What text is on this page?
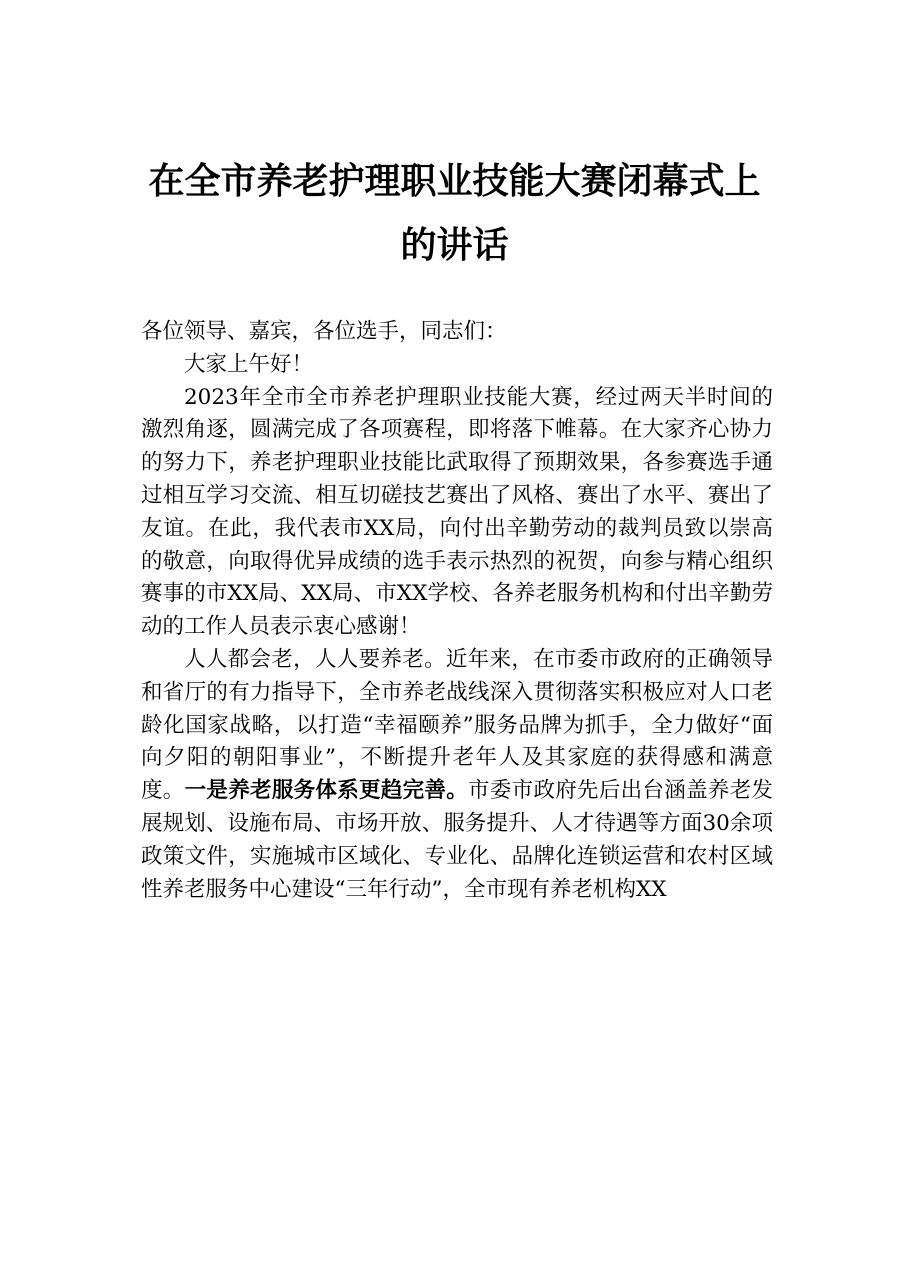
在全市养老护理职业技能大赛闭幕式上的讲话

各位领导、嘉宾，各位选手，同志们：

大家上午好！

2023年全市全市养老护理职业技能大赛，经过两天半时间的激烈角逐，圆满完成了各项赛程，即将落下帷幕。在大家齐心协力的努力下，养老护理职业技能比武取得了预期效果，各参赛选手通过相互学习交流、相互切磋技艺赛出了风格、赛出了水平、赛出了友谊。在此，我代表市XX局，向付出辛勤劳动的裁判员致以崇高的敬意，向取得优异成绩的选手表示热烈的祝贺，向参与精心组织赛事的市XX局、XX局、市XX学校、各养老服务机构和付出辛勤劳动的工作人员表示衷心感谢！

人人都会老，人人要养老。近年来，在市委市政府的正确领导和省厅的有力指导下，全市养老战线深入贯彻落实积极应对人口老龄化国家战略，以打造“幸福颐养”服务品牌为抓手，全力做好“面向夕阳的朝阳事业”，不断提升老年人及其家庭的获得感和满意度。一是养老服务体系更趋完善。市委市政府先后出台涵盖养老发展规划、设施布局、市场开放、服务提升、人才待遇等方面30余项政策文件，实施城市区域化、专业化、品牌化连锁运营和农村区域性养老服务中心建设“三年行动”，全市现有养老机构XX
